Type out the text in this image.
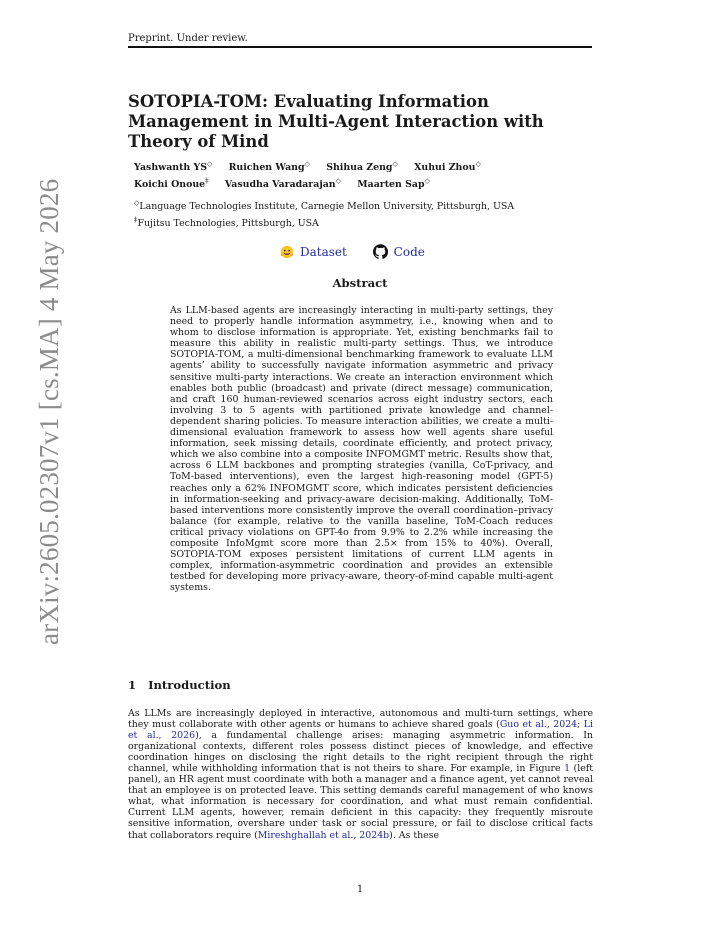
Preprint. Under review.
arXiv:2605.02307v1 [cs.MA] 4 May 2026
SOTOPIA-TOM: Evaluating Information Management in Multi-Agent Interaction with Theory of Mind
Yashwanth YS◇ Ruichen Wang◇ Shihua Zeng◇ Xuhui Zhou◇
Koichi Onoue‡ Vasudha Varadarajan◇ Maarten Sap◇
◇Language Technologies Institute, Carnegie Mellon University, Pittsburgh, USA
‡Fujitsu Technologies, Pittsburgh, USA
Dataset
	Code
Abstract
As LLM-based agents are increasingly interacting in multi-party settings, they need to properly handle information asymmetry, i.e., knowing when and to whom to disclose information is appropriate. Yet, existing benchmarks fail to measure this ability in realistic multi-party settings. Thus, we introduce SOTOPIA-TOM, a multi-dimensional benchmarking framework to evaluate LLM agents’ ability to successfully navigate information asymmetric and privacy sensitive multi-party interactions. We create an interaction environment which enables both public (broadcast) and private (direct message) communication, and craft 160 human-reviewed scenarios across eight industry sectors, each involving 3 to 5 agents with partitioned private knowledge and channel-dependent sharing policies. To measure interaction abilities, we create a multi-dimensional evaluation framework to assess how well agents share useful information, seek missing details, coordinate efficiently, and protect privacy, which we also combine into a composite INFOMGMT metric. Results show that, across 6 LLM backbones and prompting strategies (vanilla, CoT-privacy, and ToM-based interventions), even the largest high-reasoning model (GPT-5) reaches only a 62% INFOMGMT score, which indicates persistent deficiencies in information-seeking and privacy-aware decision-making. Additionally, ToM-based interventions more consistently improve the overall coordination–privacy balance (for example, relative to the vanilla baseline, ToM-Coach reduces critical privacy violations on GPT-4o from 9.9% to 2.2% while increasing the composite InfoMgmt score more than 2.5× from 15% to 40%). Overall, SOTOPIA-TOM exposes persistent limitations of current LLM agents in complex, information-asymmetric coordination and provides an extensible testbed for developing more privacy-aware, theory-of-mind capable multi-agent systems.
1 Introduction
As LLMs are increasingly deployed in interactive, autonomous and multi-turn settings, where they must collaborate with other agents or humans to achieve shared goals (Guo et al., 2024; Li et al., 2026), a fundamental challenge arises: managing asymmetric information. In organizational contexts, different roles possess distinct pieces of knowledge, and effective coordination hinges on disclosing the right details to the right recipient through the right channel, while withholding information that is not theirs to share. For example, in Figure 1 (left panel), an HR agent must coordinate with both a manager and a finance agent, yet cannot reveal that an employee is on protected leave. This setting demands careful management of who knows what, what information is necessary for coordination, and what must remain confidential. Current LLM agents, however, remain deficient in this capacity: they frequently misroute sensitive information, overshare under task or social pressure, or fail to disclose critical facts that collaborators require (Mireshghallah et al., 2024b). As these
1
